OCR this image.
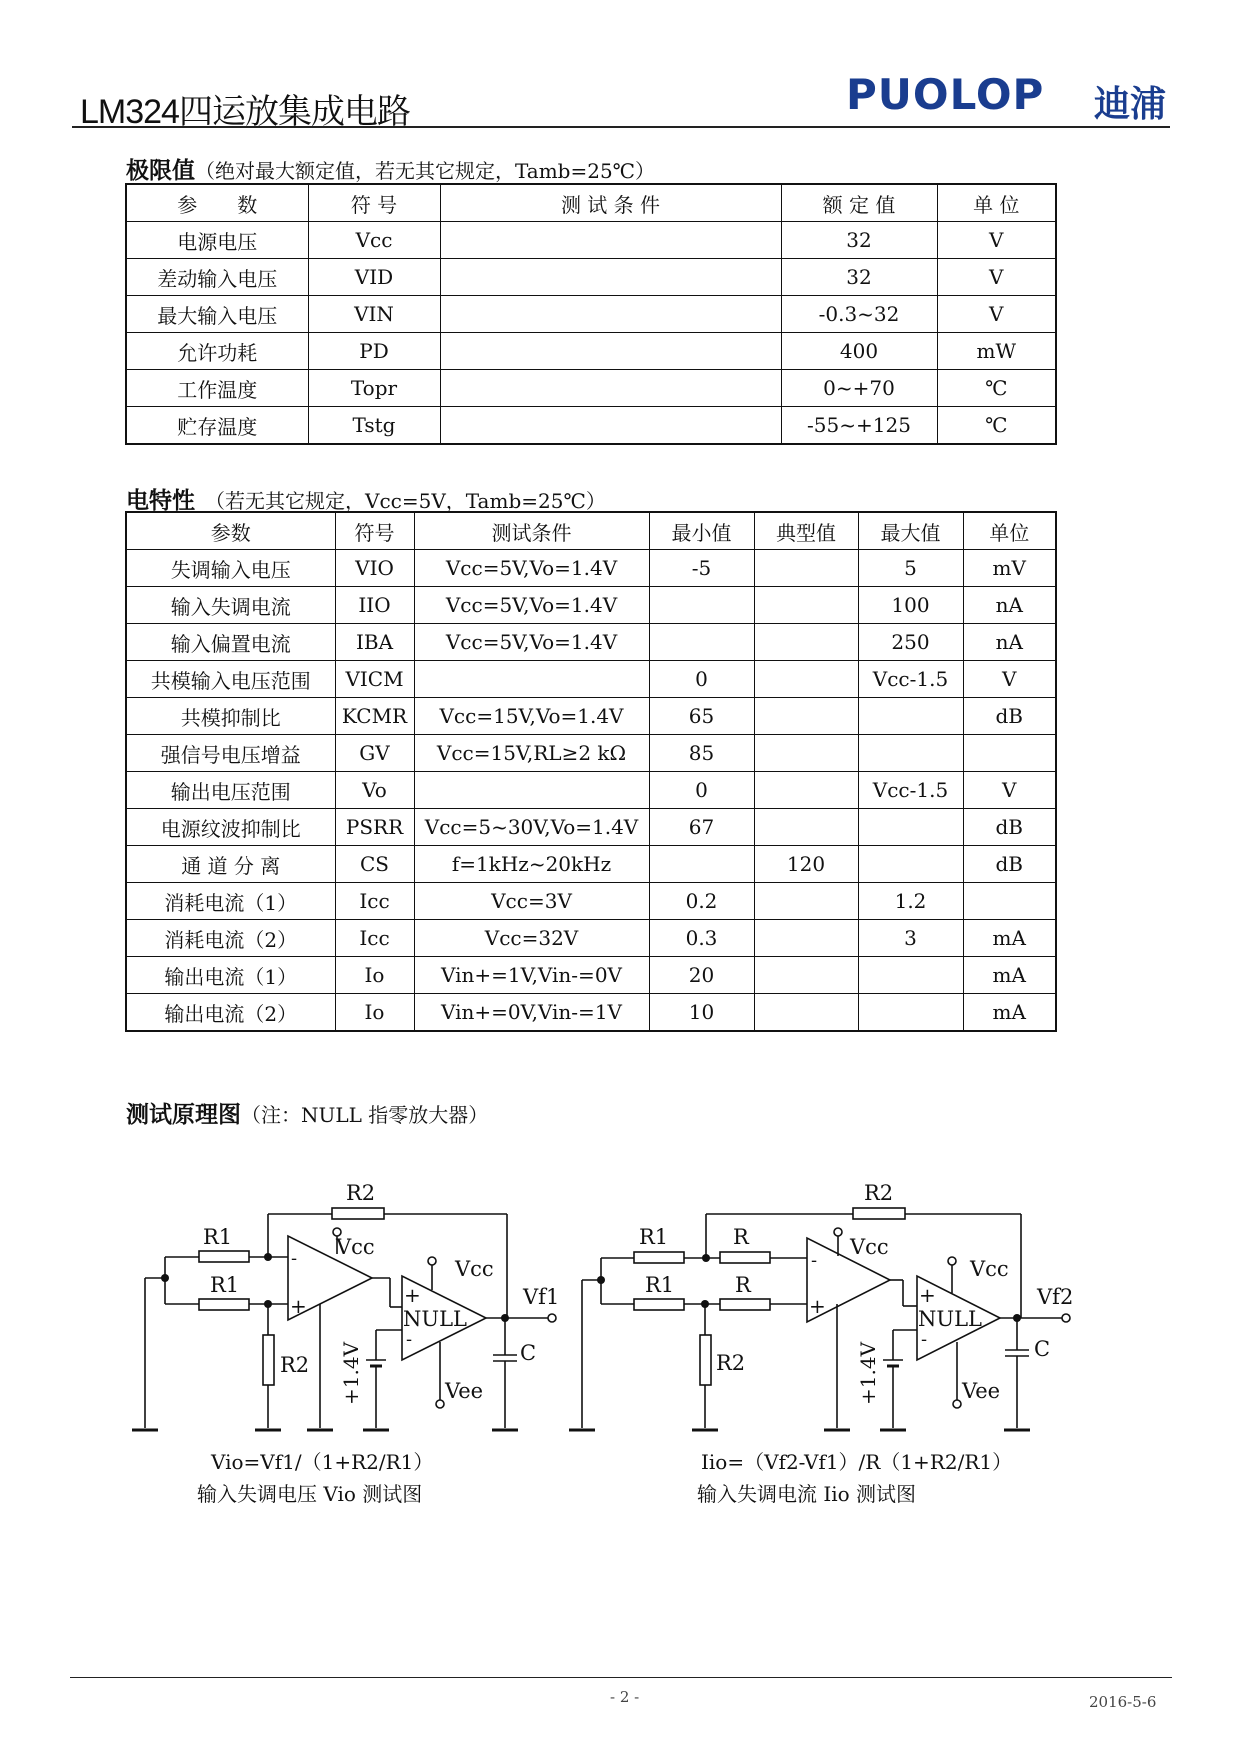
LM324四运放集成电路	PUOLOP 迪浦
极限值（绝对最大额定值，若无其它规定，Tamb=25℃）
参　　数	符 号	测 试 条 件	额 定 值	单 位
电源电压	Vcc		32	V
差动输入电压	VID		32	V
最大输入电压	VIN		-0.3~32	V
允许功耗	PD		400	mW
工作温度	Topr		0~+70	℃
贮存温度	Tstg		-55~+125	℃
电特性 （若无其它规定，Vcc=5V，Tamb=25℃）
参数	符号	测试条件	最小值	典型值	最大值	单位
失调输入电压	VIO	Vcc=5V,Vo=1.4V	-5		5	mV
输入失调电流	IIO	Vcc=5V,Vo=1.4V			100	nA
输入偏置电流	IBA	Vcc=5V,Vo=1.4V			250	nA
共模输入电压范围	VICM		0		Vcc-1.5	V
共模抑制比	KCMR	Vcc=15V,Vo=1.4V	65			dB
强信号电压增益	GV	Vcc=15V,RL≥2 kΩ	85			
输出电压范围	Vo		0		Vcc-1.5	V
电源纹波抑制比	PSRR	Vcc=5~30V,Vo=1.4V	67			dB
通 道 分 离	CS	f=1kHz~20kHz		120		dB
消耗电流（1）	Icc	Vcc=3V	0.2		1.2	
消耗电流（2）	Icc	Vcc=32V	0.3		3	mA
输出电流（1）	Io	Vin+=1V,Vin-=0V	20			mA
输出电流（2）	Io	Vin+=0V,Vin-=1V	10			mA
测试原理图（注：NULL 指零放大器）
R2
R1
R1
R2
Vcc
Vcc
NULL
Vf1
C
Vee
-
+	+
-
+1.4V
R2
R1
R1
R
R
R2
Vcc
Vcc
NULL
Vf2
C
Vee
-
+	+
-
+1.4V
Vio=Vf1/（1+R2/R1）
输入失调电压 Vio 测试图
Iio=（Vf2-Vf1）/R（1+R2/R1）
输入失调电流 Iio 测试图
- 2 -	2016-5-6
